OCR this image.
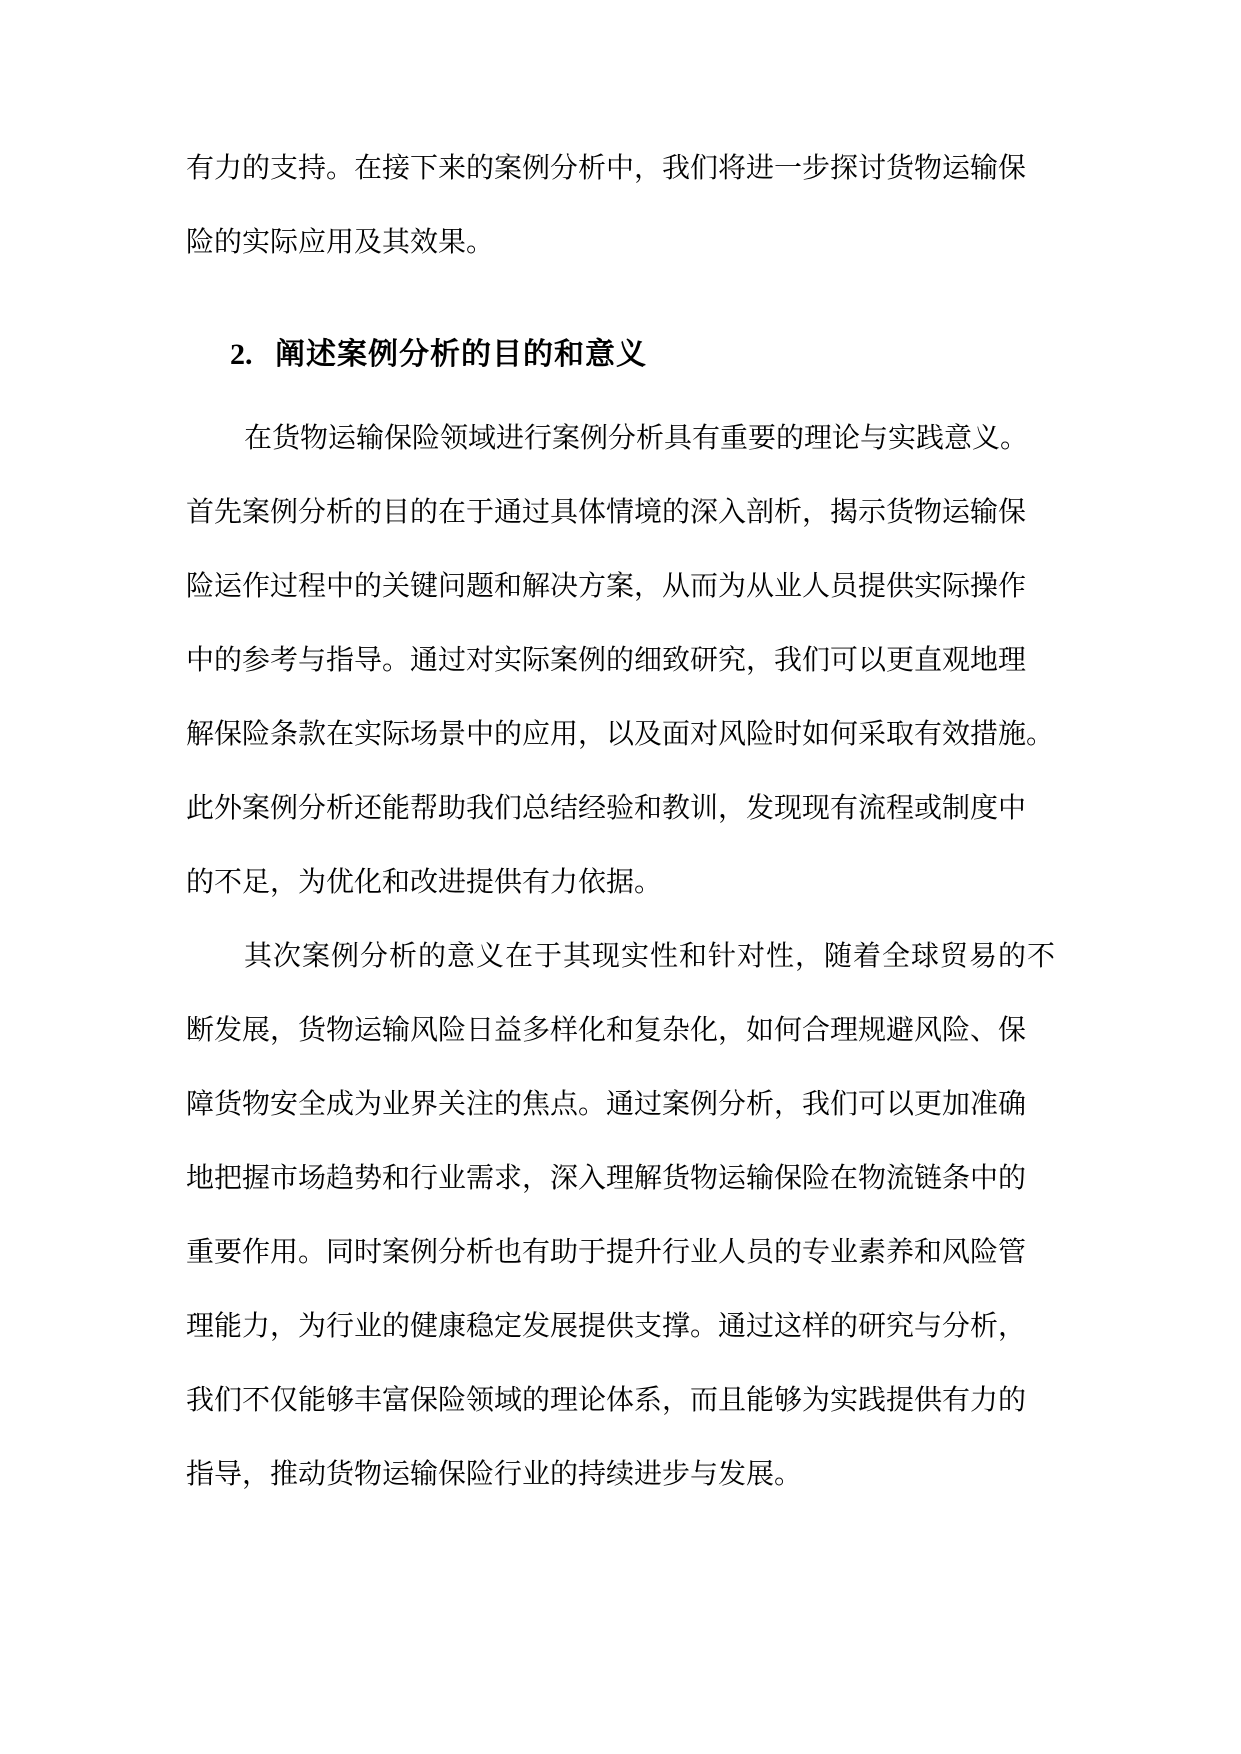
有力的支持。在接下来的案例分析中，我们将进一步探讨货物运输保

险的实际应用及其效果。

2. 阐述案例分析的目的和意义

在货物运输保险领域进行案例分析具有重要的理论与实践意义。

首先案例分析的目的在于通过具体情境的深入剖析，揭示货物运输保

险运作过程中的关键问题和解决方案，从而为从业人员提供实际操作

中的参考与指导。通过对实际案例的细致研究，我们可以更直观地理

解保险条款在实际场景中的应用，以及面对风险时如何采取有效措施。

此外案例分析还能帮助我们总结经验和教训，发现现有流程或制度中

的不足，为优化和改进提供有力依据。

其次案例分析的意义在于其现实性和针对性，随着全球贸易的不

断发展，货物运输风险日益多样化和复杂化，如何合理规避风险、保

障货物安全成为业界关注的焦点。通过案例分析，我们可以更加准确

地把握市场趋势和行业需求，深入理解货物运输保险在物流链条中的

重要作用。同时案例分析也有助于提升行业人员的专业素养和风险管

理能力，为行业的健康稳定发展提供支撑。通过这样的研究与分析，

我们不仅能够丰富保险领域的理论体系，而且能够为实践提供有力的

指导，推动货物运输保险行业的持续进步与发展。
